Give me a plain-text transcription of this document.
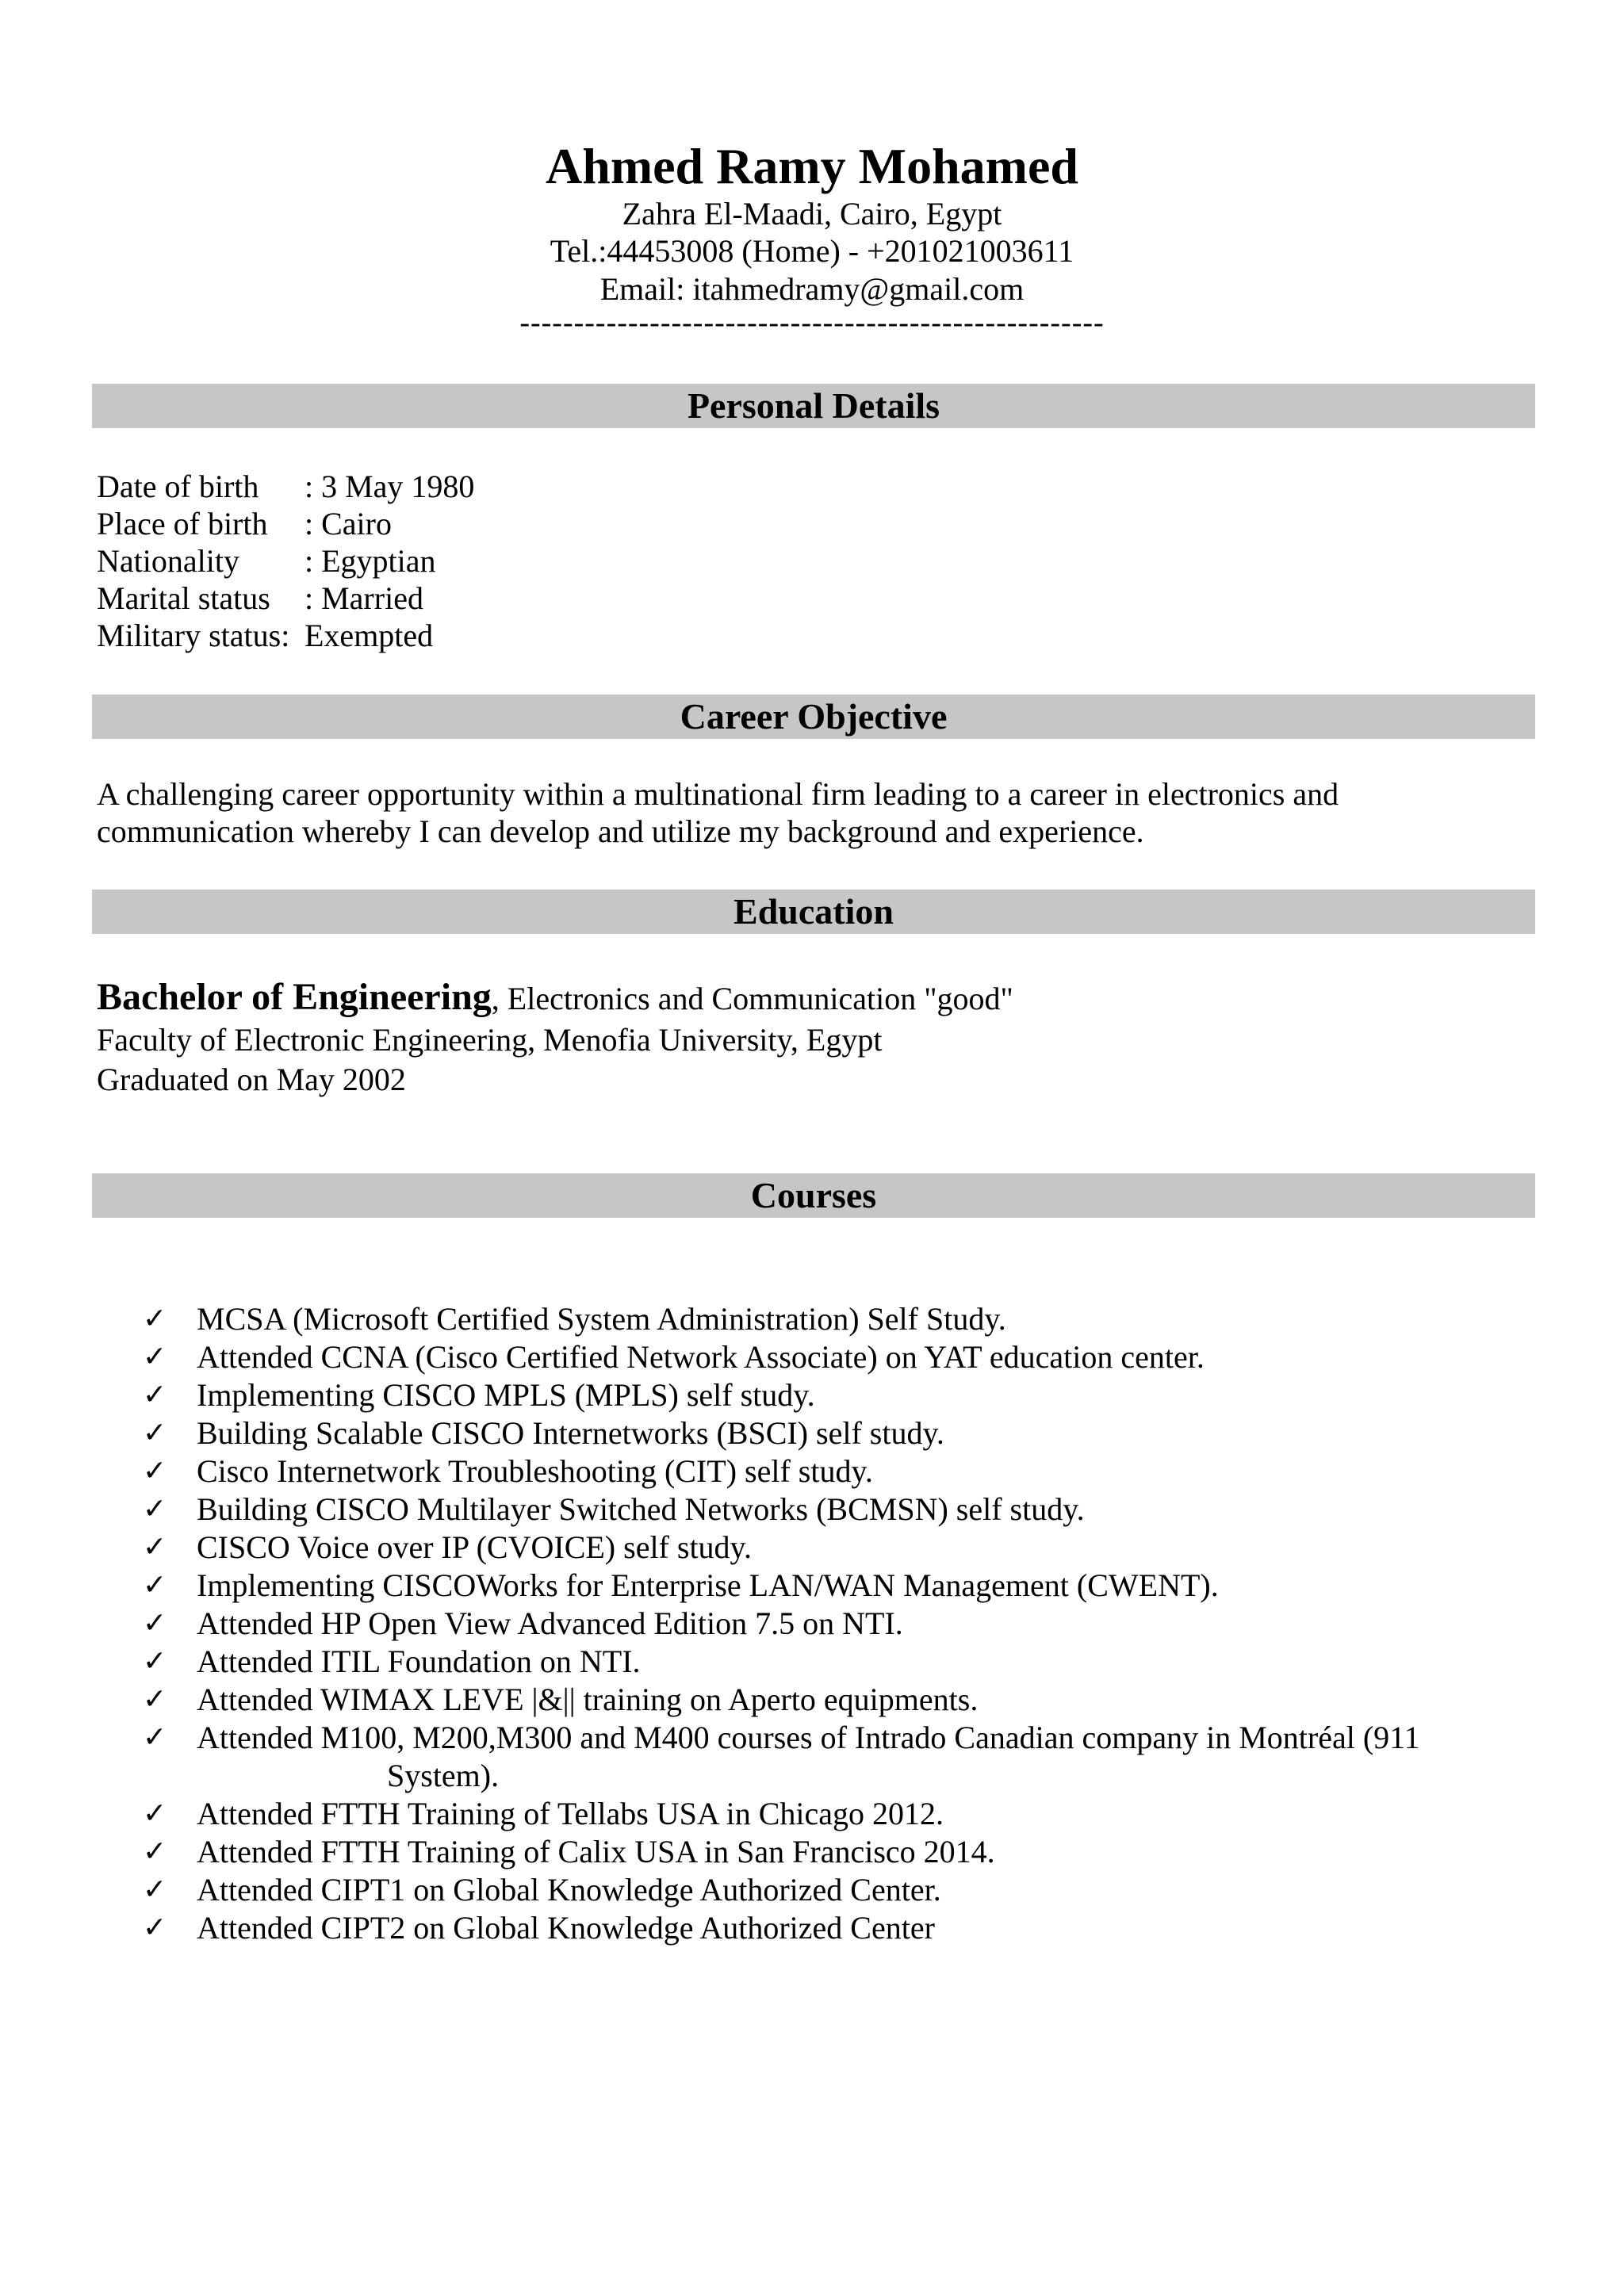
Ahmed Ramy Mohamed
Zahra El-Maadi, Cairo, Egypt
Tel.:44453008 (Home) - +201021003611
Email: itahmedramy@gmail.com
------------------------------------------------------
Personal Details
Date of birth	: 3 May 1980
Place of birth	: Cairo
Nationality	: Egyptian
Marital status	: Married
Military status: Exempted
Career Objective
A challenging career opportunity within a multinational firm leading to a career in electronics and communication whereby I can develop and utilize my background and experience.
Education
Bachelor of Engineering, Electronics and Communication "good"
Faculty of Electronic Engineering, Menofia University, Egypt
Graduated on May 2002
Courses
✓ MCSA (Microsoft Certified System Administration) Self Study.
✓ Attended CCNA (Cisco Certified Network Associate) on YAT education center.
✓ Implementing CISCO MPLS (MPLS) self study.
✓ Building Scalable CISCO Internetworks (BSCI) self study.
✓ Cisco Internetwork Troubleshooting (CIT) self study.
✓ Building CISCO Multilayer Switched Networks (BCMSN) self study.
✓ CISCO Voice over IP (CVOICE) self study.
✓ Implementing CISCOWorks for Enterprise LAN/WAN Management (CWENT).
✓ Attended HP Open View Advanced Edition 7.5 on NTI.
✓ Attended ITIL Foundation on NTI.
✓ Attended WIMAX LEVE |&|| training on Aperto equipments.
✓ Attended M100, M200,M300 and M400 courses of Intrado Canadian company in Montréal (911
System).
✓ Attended FTTH Training of Tellabs USA in Chicago 2012.
✓ Attended FTTH Training of Calix USA in San Francisco 2014.
✓ Attended CIPT1 on Global Knowledge Authorized Center.
✓ Attended CIPT2 on Global Knowledge Authorized Center
